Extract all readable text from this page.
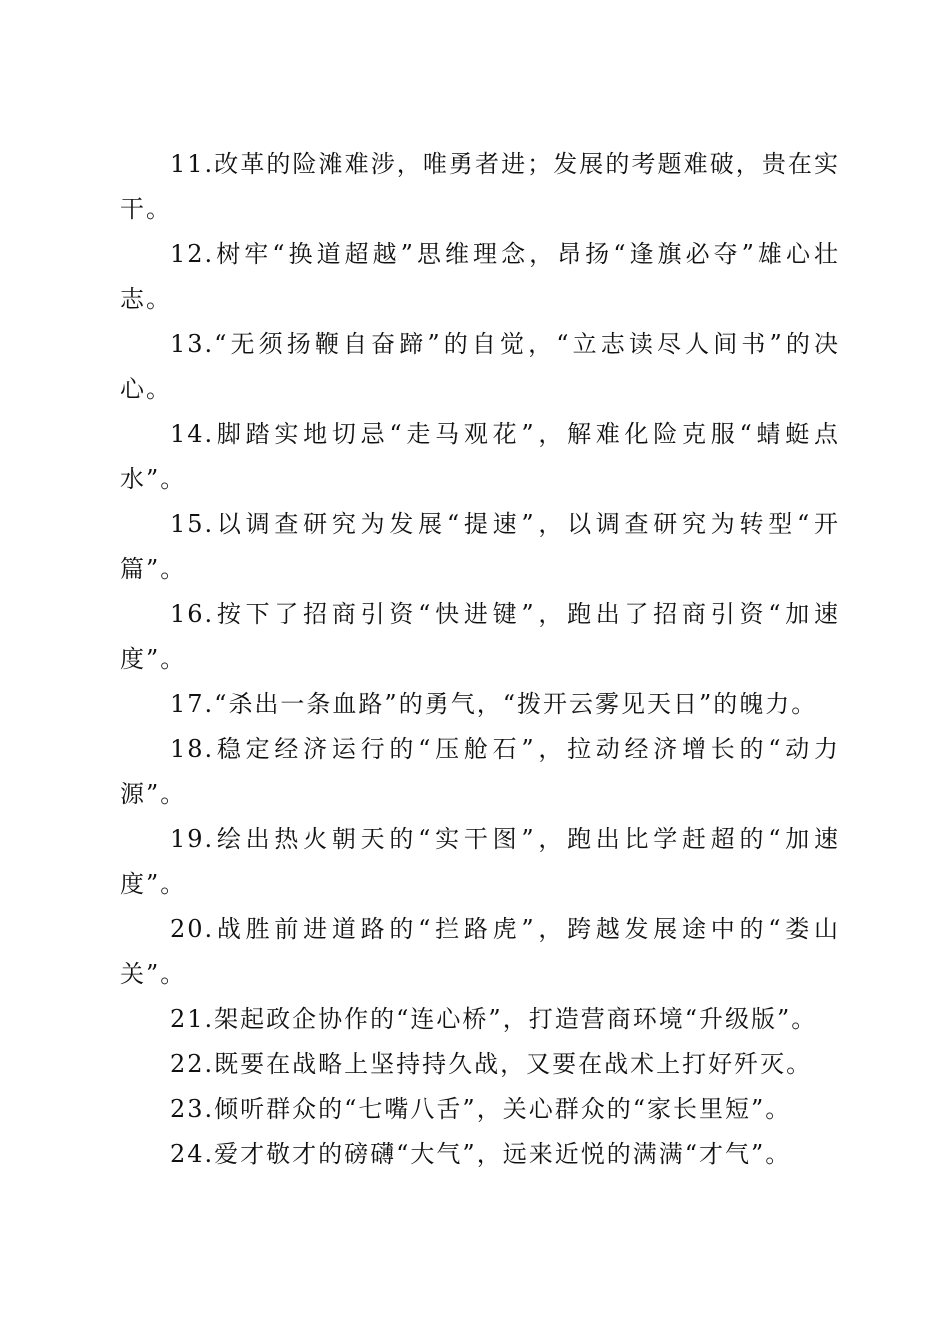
11.改革的险滩难涉，唯勇者进；发展的考题难破，贵在实干。

12.树牢“换道超越”思维理念，昂扬“逢旗必夺”雄心壮志。

13.“无须扬鞭自奋蹄”的自觉，“立志读尽人间书”的决心。

14.脚踏实地切忌“走马观花”，解难化险克服“蜻蜓点水”。

15.以调查研究为发展“提速”，以调查研究为转型“开篇”。

16.按下了招商引资“快进键”，跑出了招商引资“加速度”。

17.“杀出一条血路”的勇气，“拨开云雾见天日”的魄力。

18.稳定经济运行的“压舱石”，拉动经济增长的“动力源”。

19.绘出热火朝天的“实干图”，跑出比学赶超的“加速度”。

20.战胜前进道路的“拦路虎”，跨越发展途中的“娄山关”。

21.架起政企协作的“连心桥”，打造营商环境“升级版”。

22.既要在战略上坚持持久战，又要在战术上打好歼灭。

23.倾听群众的“七嘴八舌”，关心群众的“家长里短”。

24.爱才敬才的磅礴“大气”，远来近悦的满满“才气”。
